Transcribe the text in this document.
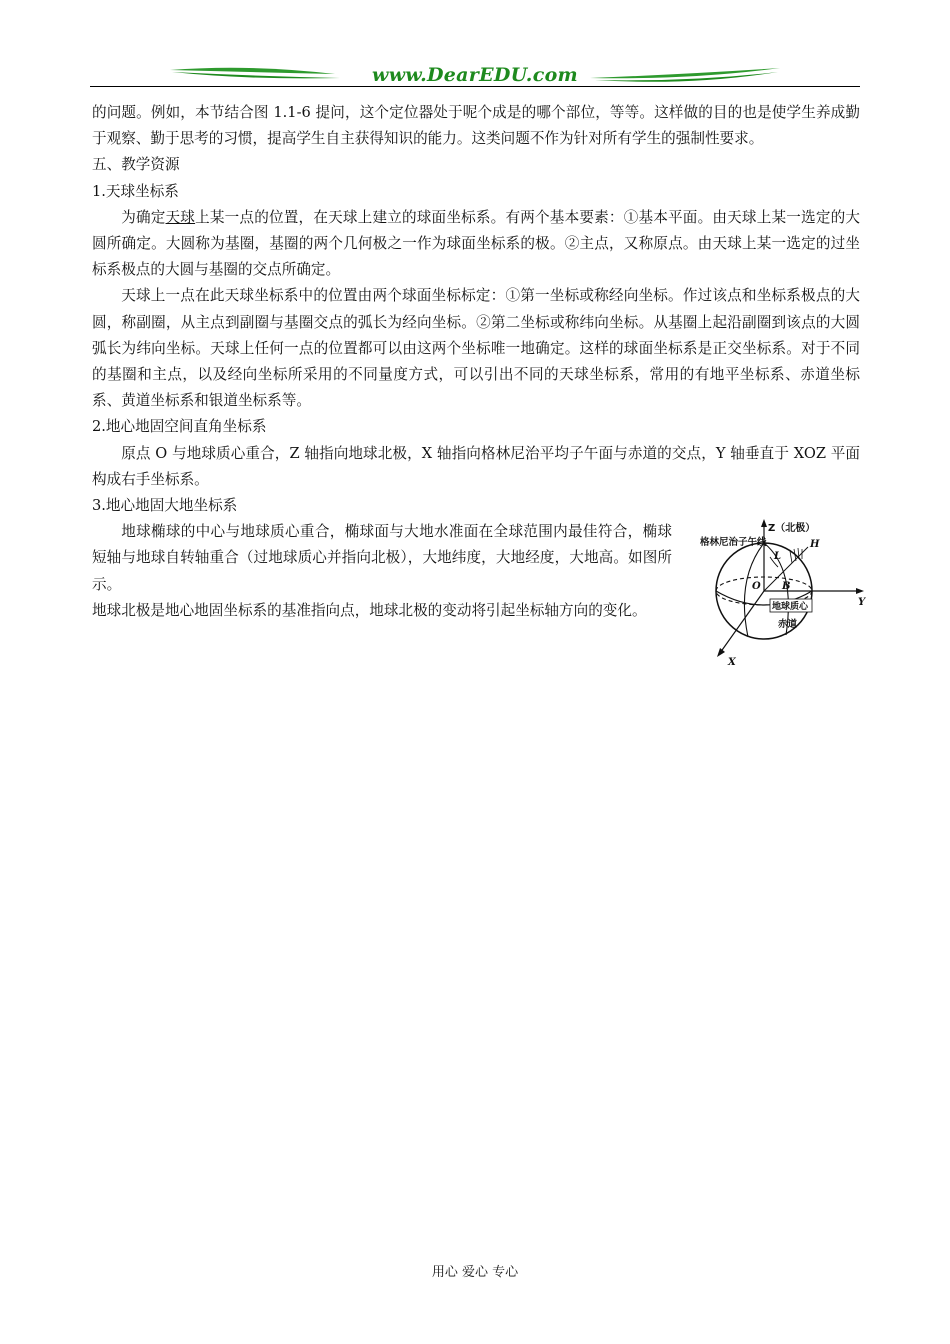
www.DearEDU.com

的问题。例如，本节结合图 1.1-6 提问，这个定位器处于呢个成是的哪个部位，等等。这样做的目的也是使学生养成勤于观察、勤于思考的习惯，提高学生自主获得知识的能力。这类问题不作为针对所有学生的强制性要求。

五、教学资源

1.天球坐标系

为确定天球上某一点的位置，在天球上建立的球面坐标系。有两个基本要素：①基本平面。由天球上某一选定的大圆所确定。大圆称为基圈，基圈的两个几何极之一作为球面坐标系的极。②主点，又称原点。由天球上某一选定的过坐标系极点的大圆与基圈的交点所确定。

天球上一点在此天球坐标系中的位置由两个球面坐标标定：①第一坐标或称经向坐标。作过该点和坐标系极点的大圆，称副圈，从主点到副圈与基圈交点的弧长为经向坐标。②第二坐标或称纬向坐标。从基圈上起沿副圈到该点的大圆弧长为纬向坐标。天球上任何一点的位置都可以由这两个坐标唯一地确定。这样的球面坐标系是正交坐标系。对于不同的基圈和主点，以及经向坐标所采用的不同量度方式，可以引出不同的天球坐标系，常用的有地平坐标系、赤道坐标系、黄道坐标系和银道坐标系等。

2.地心地固空间直角坐标系

原点 O 与地球质心重合，Z 轴指向地球北极，X 轴指向格林尼治平均子午面与赤道的交点，Y 轴垂直于 XOZ 平面构成右手坐标系。

3.地心地固大地坐标系

地球椭球的中心与地球质心重合，椭球面与大地水准面在全球范围内最佳符合，椭球短轴与地球自转轴重合（过地球质心并指向北极），大地纬度，大地经度，大地高。如图所示。

地球北极是地心地固坐标系的基准指向点，地球北极的变动将引起坐标轴方向的变化。

Z（北极）
格林尼治子午线	H
L
O B
地球质心
赤道
Y
X
用心 爱心 专心
